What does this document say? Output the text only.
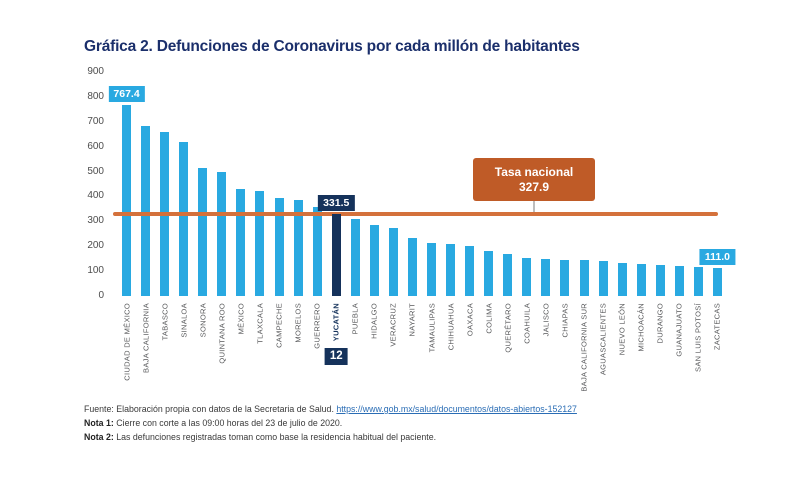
Gráfica 2. Defunciones de Coronavirus por cada millón de habitantes
900
800
700
600
500
400
300
200
100
0
767.4
331.5
111.0
Tasa nacional
327.9
CIUDAD DE MÉXICO BAJA CALIFORNIA TABASCO SINALOA SONORA QUINTANA ROO MÉXICO TLAXCALA CAMPECHE MORELOS GUERRERO YUCATÁN
12
PUEBLA HIDALGO VERACRUZ NAYARIT TAMAULIPAS CHIHUAHUA OAXACA COLIMA QUERÉTARO COAHUILA JALISCO CHIAPAS BAJA CALIFORNIA SUR AGUASCALIENTES NUEVO LEÓN MICHOACÁN DURANGO GUANAJUATO SAN LUIS POTOSÍ ZACATECAS
Fuente: Elaboración propia con datos de la Secretaria de Salud. https://www.gob.mx/salud/documentos/datos-abiertos-152127
Nota 1: Cierre con corte a las 09:00 horas del 23 de julio de 2020.
Nota 2: Las defunciones registradas toman como base la residencia habitual del paciente.
